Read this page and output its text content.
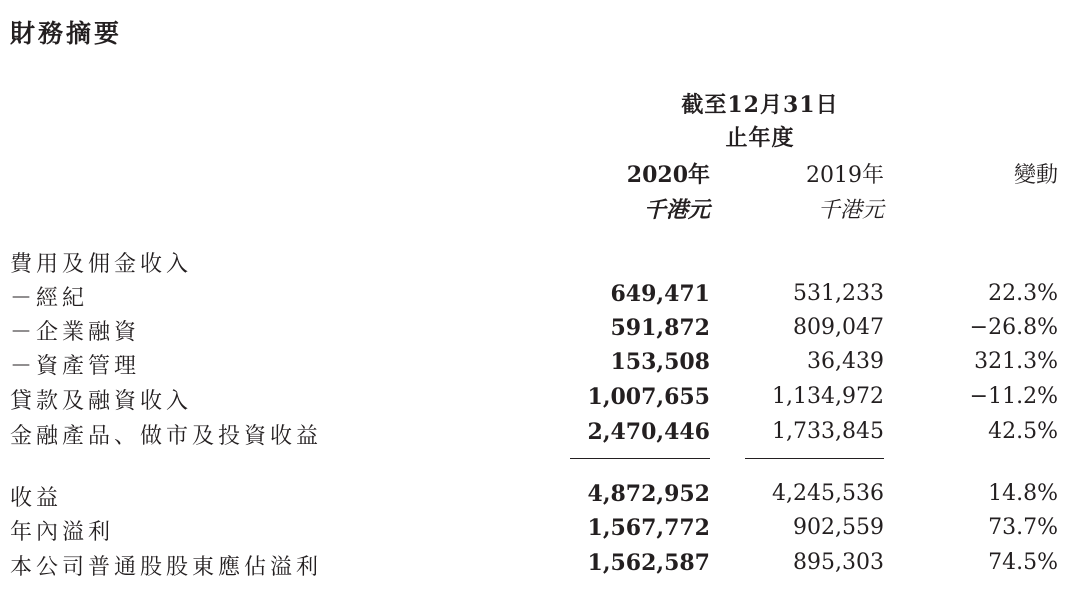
財務摘要
截至12月31日
止年度
2020年	2019年	變動
千港元	千港元
費用及佣金收入
－經紀	649,471	531,233	22.3%
－企業融資	591,872	809,047	−26.8%
－資產管理	153,508	36,439	321.3%
貸款及融資收入	1,007,655	1,134,972	−11.2%
金融產品、做市及投資收益	2,470,446	1,733,845	42.5%
收益	4,872,952	4,245,536	14.8%
年內溢利	1,567,772	902,559	73.7%
本公司普通股股東應佔溢利	1,562,587	895,303	74.5%
